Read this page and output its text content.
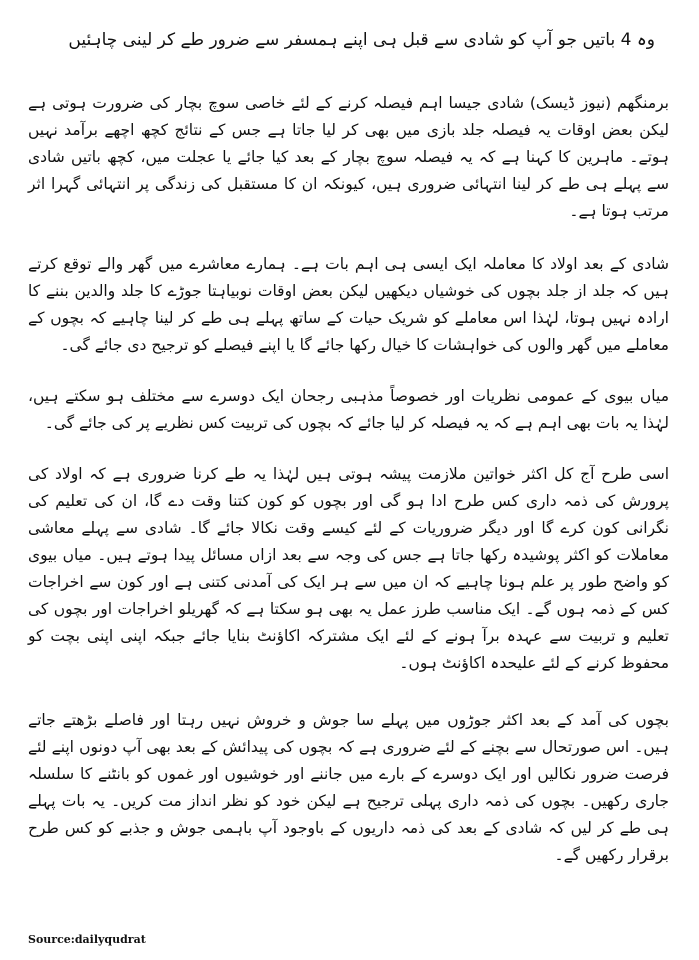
وہ 4 باتیں جو آپ کو شادی سے قبل ہی اپنے ہمسفر سے ضرور طے کر لینی چاہئیں

برمنگھم (نیوز ڈیسک) شادی جیسا اہم فیصلہ کرنے کے لئے خاصی سوچ بچار کی ضرورت ہوتی ہے لیکن بعض اوقات یہ فیصلہ جلد بازی میں بھی کر لیا جاتا ہے جس کے نتائج کچھ اچھے برآمد نہیں ہوتے۔ ماہرین کا کہنا ہے کہ یہ فیصلہ سوچ بچار کے بعد کیا جائے یا عجلت میں، کچھ باتیں شادی سے پہلے ہی طے کر لینا انتہائی ضروری ہیں، کیونکہ ان کا مستقبل کی زندگی پر انتہائی گہرا اثر مرتب ہوتا ہے۔

شادی کے بعد اولاد کا معاملہ ایک ایسی ہی اہم بات ہے۔ ہمارے معاشرے میں گھر والے توقع کرتے ہیں کہ جلد از جلد بچوں کی خوشیاں دیکھیں لیکن بعض اوقات نوبیاہتا جوڑے کا جلد والدین بننے کا ارادہ نہیں ہوتا، لہٰذا اس معاملے کو شریک حیات کے ساتھ پہلے ہی طے کر لینا چاہیے کہ بچوں کے معاملے میں گھر والوں کی خواہشات کا خیال رکھا جائے گا یا اپنے فیصلے کو ترجیح دی جائے گی۔

میاں بیوی کے عمومی نظریات اور خصوصاً مذہبی رجحان ایک دوسرے سے مختلف ہو سکتے ہیں، لہٰذا یہ بات بھی اہم ہے کہ یہ فیصلہ کر لیا جائے کہ بچوں کی تربیت کس نظریے پر کی جائے گی۔

اسی طرح آج کل اکثر خواتین ملازمت پیشہ ہوتی ہیں لہٰذا یہ طے کرنا ضروری ہے کہ اولاد کی پرورش کی ذمہ داری کس طرح ادا ہو گی اور بچوں کو کون کتنا وقت دے گا، ان کی تعلیم کی نگرانی کون کرے گا اور دیگر ضروریات کے لئے کیسے وقت نکالا جائے گا۔ شادی سے پہلے معاشی معاملات کو اکثر پوشیدہ رکھا جاتا ہے جس کی وجہ سے بعد ازاں مسائل پیدا ہوتے ہیں۔ میاں بیوی کو واضح طور پر علم ہونا چاہیے کہ ان میں سے ہر ایک کی آمدنی کتنی ہے اور کون سے اخراجات کس کے ذمہ ہوں گے۔ ایک مناسب طرز عمل یہ بھی ہو سکتا ہے کہ گھریلو اخراجات اور بچوں کی تعلیم و تربیت سے عہدہ برآ ہونے کے لئے ایک مشترکہ اکاؤنٹ بنایا جائے جبکہ اپنی اپنی بچت کو محفوظ کرنے کے لئے علیحدہ اکاؤنٹ ہوں۔

بچوں کی آمد کے بعد اکثر جوڑوں میں پہلے سا جوش و خروش نہیں رہتا اور فاصلے بڑھتے جاتے ہیں۔ اس صورتحال سے بچنے کے لئے ضروری ہے کہ بچوں کی پیدائش کے بعد بھی آپ دونوں اپنے لئے فرصت ضرور نکالیں اور ایک دوسرے کے بارے میں جاننے اور خوشیوں اور غموں کو بانٹنے کا سلسلہ جاری رکھیں۔ بچوں کی ذمہ داری پہلی ترجیح ہے لیکن خود کو نظر انداز مت کریں۔ یہ بات پہلے ہی طے کر لیں کہ شادی کے بعد کی ذمہ داریوں کے باوجود آپ باہمی جوش و جذبے کو کس طرح برقرار رکھیں گے۔

Source:dailyqudrat
